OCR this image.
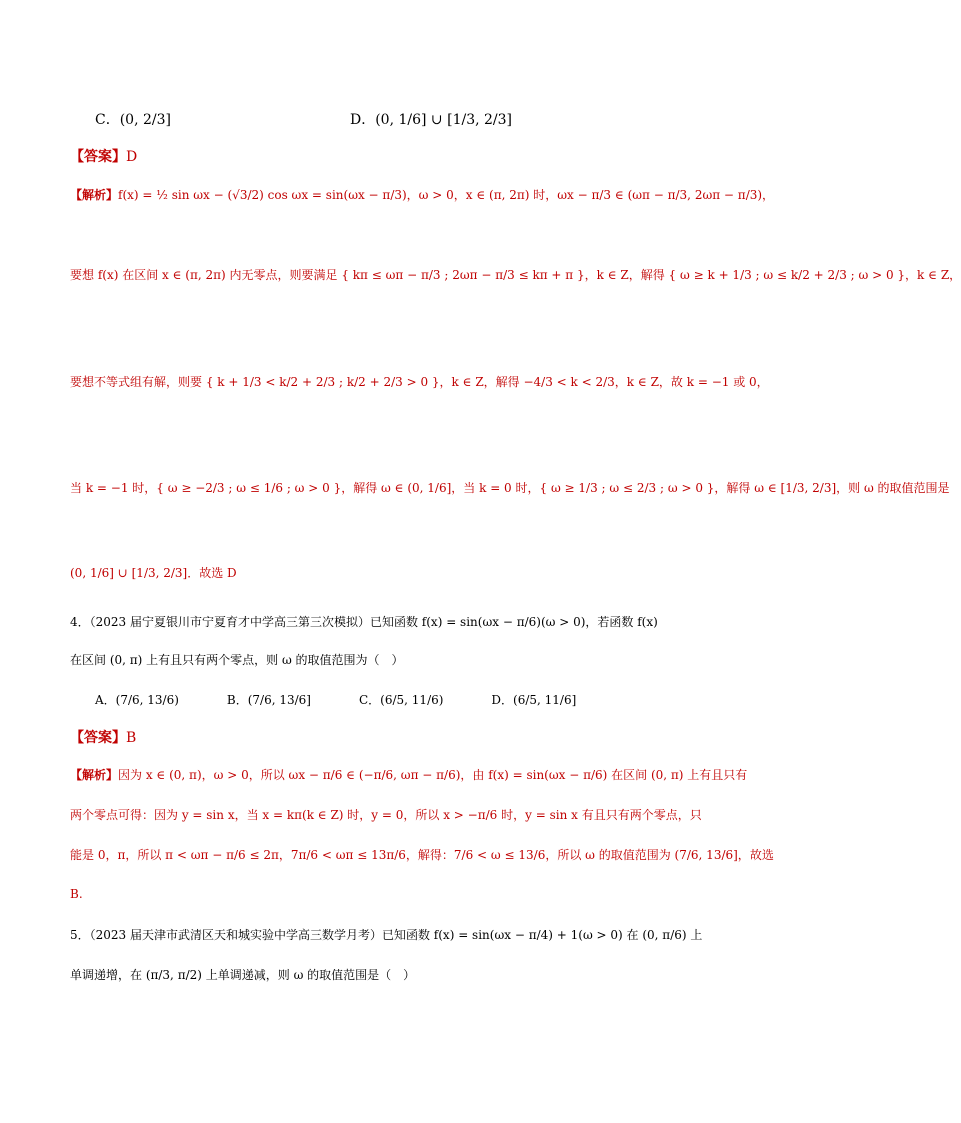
C．(0, 2/3]	D．(0, 1/6] ∪ [1/3, 2/3]
【答案】D
【解析】f(x) = ½ sin ωx − (√3/2) cos ωx = sin(ωx − π/3)，ω > 0，x ∈ (π, 2π) 时，ωx − π/3 ∈ (ωπ − π/3, 2ωπ − π/3)，
要想 f(x) 在区间 x ∈ (π, 2π) 内无零点，则要满足 { kπ ≤ ωπ − π/3 ; 2ωπ − π/3 ≤ kπ + π }，k ∈ Z，解得 { ω ≥ k + 1/3 ; ω ≤ k/2 + 2/3 ; ω > 0 }，k ∈ Z，
要想不等式组有解，则要 { k + 1/3 < k/2 + 2/3 ; k/2 + 2/3 > 0 }，k ∈ Z，解得 −4/3 < k < 2/3，k ∈ Z，故 k = −1 或 0，
当 k = −1 时，{ ω ≥ −2/3 ; ω ≤ 1/6 ; ω > 0 }，解得 ω ∈ (0, 1/6]，当 k = 0 时，{ ω ≥ 1/3 ; ω ≤ 2/3 ; ω > 0 }，解得 ω ∈ [1/3, 2/3]，则 ω 的取值范围是
(0, 1/6] ∪ [1/3, 2/3]．故选 D
4．（2023 届宁夏银川市宁夏育才中学高三第三次模拟）已知函数 f(x) = sin(ωx − π/6)(ω > 0)，若函数 f(x)
在区间 (0, π) 上有且只有两个零点，则 ω 的取值范围为（　）
A．(7/6, 13/6)　　　　B．(7/6, 13/6]　　　　C．(6/5, 11/6)　　　　D．(6/5, 11/6]
【答案】B
【解析】因为 x ∈ (0, π)，ω > 0，所以 ωx − π/6 ∈ (−π/6, ωπ − π/6)，由 f(x) = sin(ωx − π/6) 在区间 (0, π) 上有且只有
两个零点可得：因为 y = sin x，当 x = kπ(k ∈ Z) 时，y = 0，所以 x > −π/6 时，y = sin x 有且只有两个零点，只
能是 0，π，所以 π < ωπ − π/6 ≤ 2π，7π/6 < ωπ ≤ 13π/6，解得：7/6 < ω ≤ 13/6，所以 ω 的取值范围为 (7/6, 13/6]，故选
B.
5．（2023 届天津市武清区天和城实验中学高三数学月考）已知函数 f(x) = sin(ωx − π/4) + 1(ω > 0) 在 (0, π/6) 上
单调递增，在 (π/3, π/2) 上单调递减，则 ω 的取值范围是（　）
